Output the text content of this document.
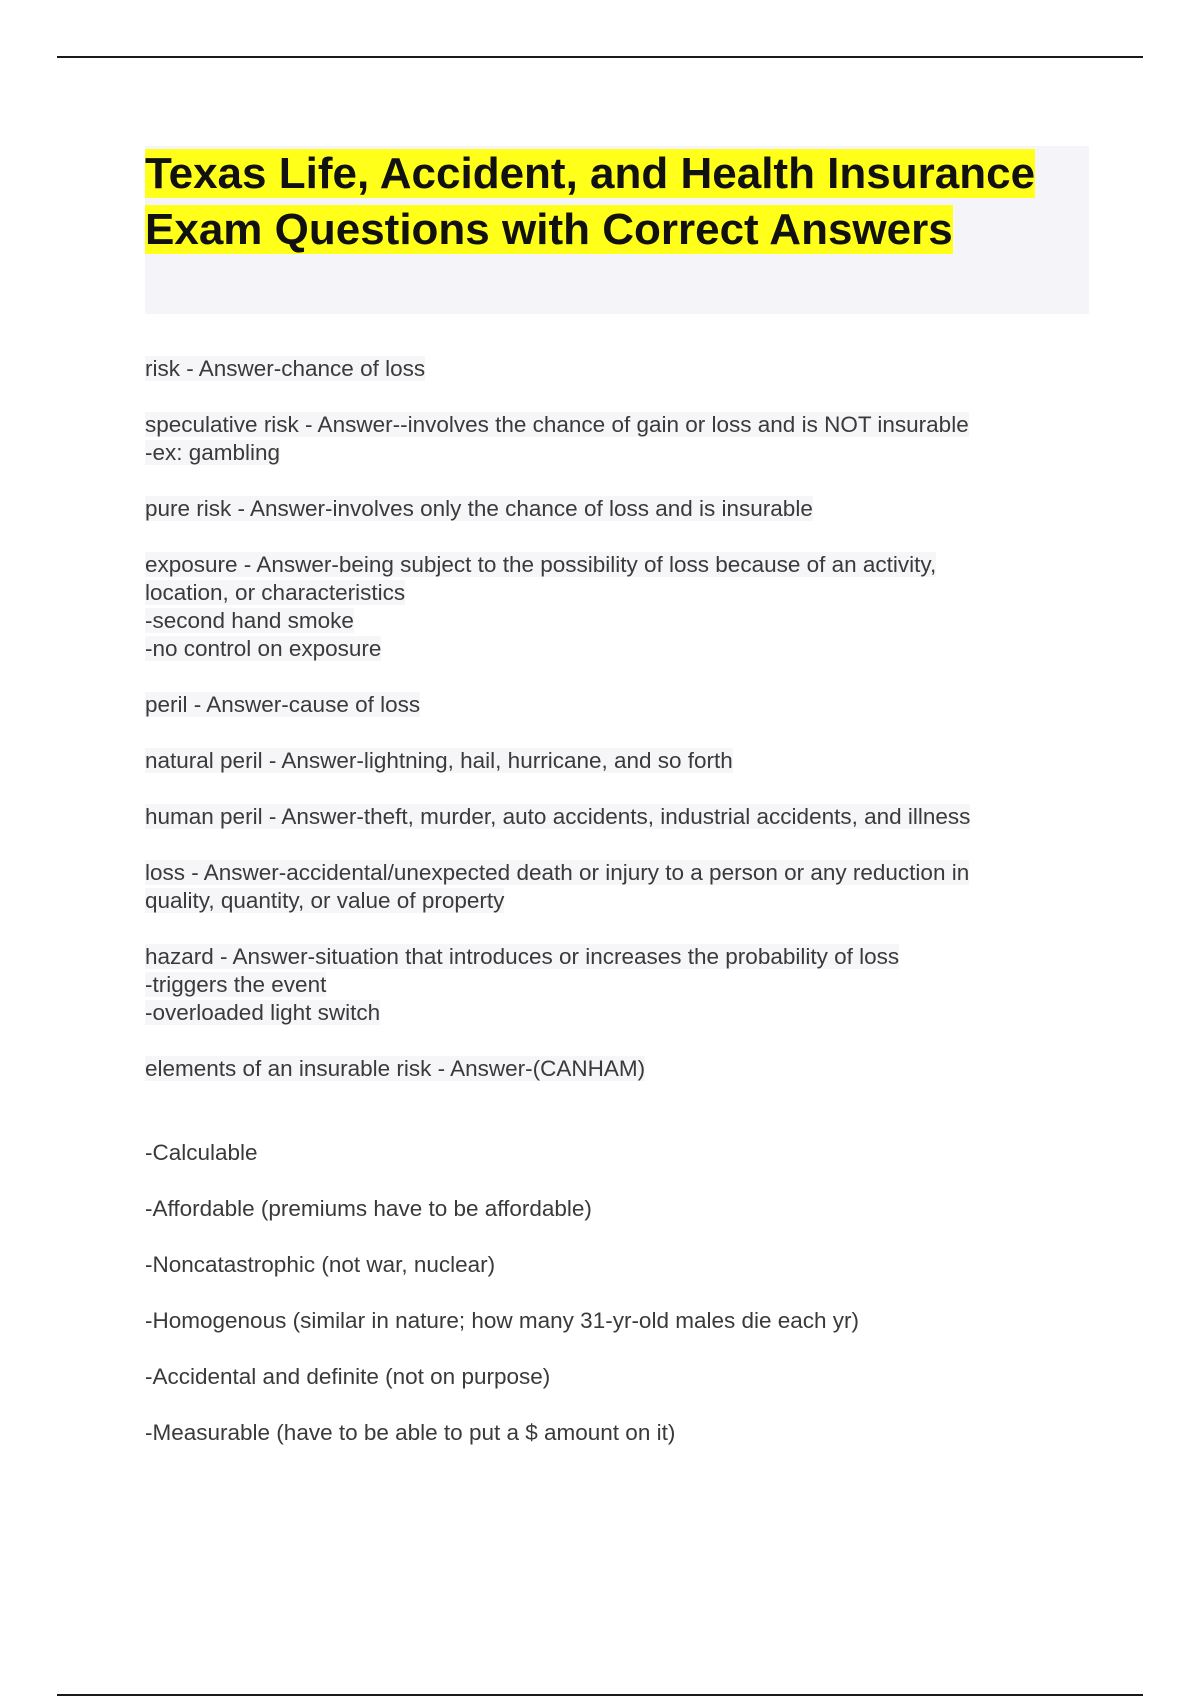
Texas Life, Accident, and Health Insurance Exam Questions with Correct Answers

risk - Answer-chance of loss

speculative risk - Answer--involves the chance of gain or loss and is NOT insurable
-ex: gambling

pure risk - Answer-involves only the chance of loss and is insurable

exposure - Answer-being subject to the possibility of loss because of an activity,
location, or characteristics
-second hand smoke
-no control on exposure

peril - Answer-cause of loss

natural peril - Answer-lightning, hail, hurricane, and so forth

human peril - Answer-theft, murder, auto accidents, industrial accidents, and illness

loss - Answer-accidental/unexpected death or injury to a person or any reduction in
quality, quantity, or value of property

hazard - Answer-situation that introduces or increases the probability of loss
-triggers the event
-overloaded light switch

elements of an insurable risk - Answer-(CANHAM)

-Calculable

-Affordable (premiums have to be affordable)

-Noncatastrophic (not war, nuclear)

-Homogenous (similar in nature; how many 31-yr-old males die each yr)

-Accidental and definite (not on purpose)

-Measurable (have to be able to put a $ amount on it)
